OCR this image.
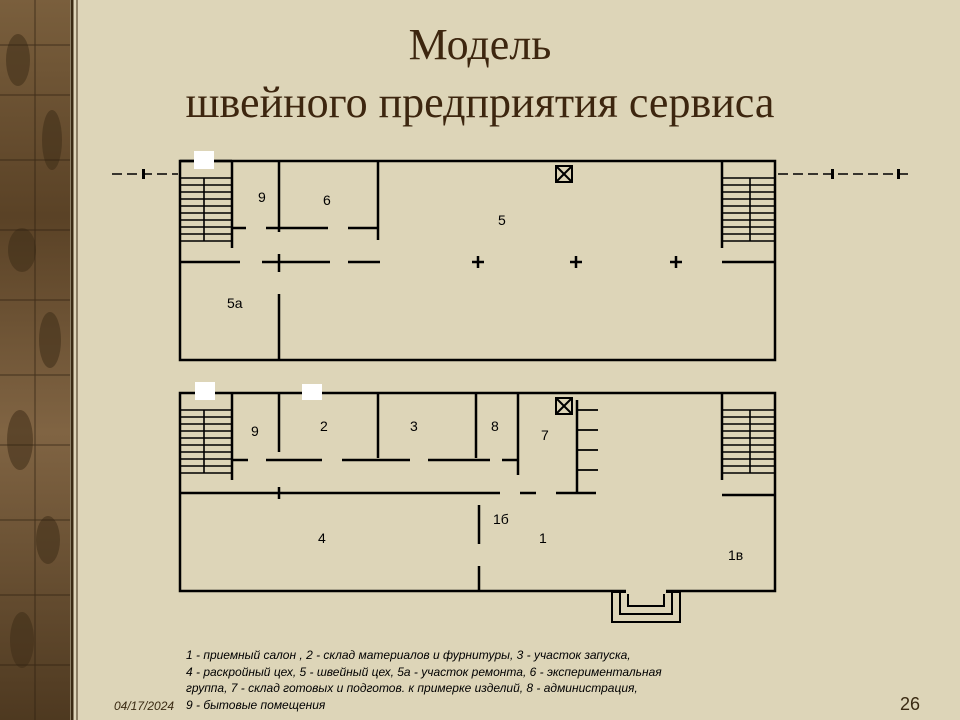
Модель
швейного предприятия сервиса
9	6
5
5а
9	2	3	8
7
1б
4	1
1в
1 - приемный салон , 2 - склад материалов и фурнитуры, 3 - участок запуска,
4 - раскройный цех, 5 - швейный цех, 5а - участок ремонта, 6 - экспериментальная
группа, 7 - склад готовых и подготов. к примерке изделий, 8 - администрация,
9 - бытовые помещения
04/17/2024	26
